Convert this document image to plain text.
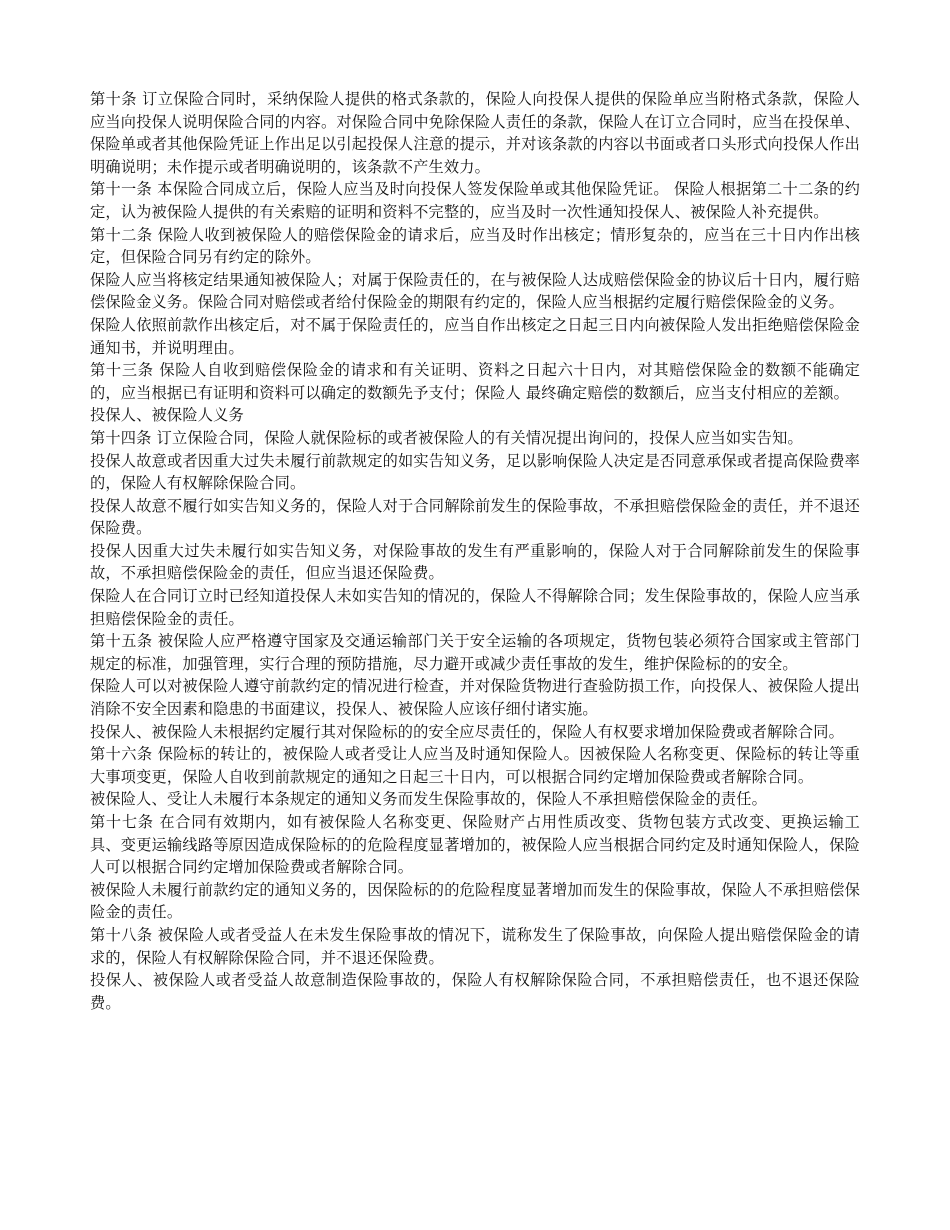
第十条 订立保险合同时，采纳保险人提供的格式条款的，保险人向投保人提供的保险单应当附格式条款，保险人应当向投保人说明保险合同的内容。对保险合同中免除保险人责任的条款，保险人在订立合同时，应当在投保单、保险单或者其他保险凭证上作出足以引起投保人注意的提示，并对该条款的内容以书面或者口头形式向投保人作出明确说明；未作提示或者明确说明的，该条款不产生效力。

第十一条 本保险合同成立后，保险人应当及时向投保人签发保险单或其他保险凭证。 保险人根据第二十二条的约定，认为被保险人提供的有关索赔的证明和资料不完整的，应当及时一次性通知投保人、被保险人补充提供。

第十二条 保险人收到被保险人的赔偿保险金的请求后，应当及时作出核定；情形复杂的，应当在三十日内作出核定，但保险合同另有约定的除外。

保险人应当将核定结果通知被保险人；对属于保险责任的，在与被保险人达成赔偿保险金的协议后十日内，履行赔偿保险金义务。保险合同对赔偿或者给付保险金的期限有约定的，保险人应当根据约定履行赔偿保险金的义务。

保险人依照前款作出核定后，对不属于保险责任的，应当自作出核定之日起三日内向被保险人发出拒绝赔偿保险金通知书，并说明理由。

第十三条 保险人自收到赔偿保险金的请求和有关证明、资料之日起六十日内，对其赔偿保险金的数额不能确定的，应当根据已有证明和资料可以确定的数额先予支付；保险人 最终确定赔偿的数额后，应当支付相应的差额。

投保人、被保险人义务

第十四条 订立保险合同，保险人就保险标的或者被保险人的有关情况提出询问的，投保人应当如实告知。

投保人故意或者因重大过失未履行前款规定的如实告知义务，足以影响保险人决定是否同意承保或者提高保险费率的，保险人有权解除保险合同。

投保人故意不履行如实告知义务的，保险人对于合同解除前发生的保险事故，不承担赔偿保险金的责任，并不退还保险费。

投保人因重大过失未履行如实告知义务，对保险事故的发生有严重影响的，保险人对于合同解除前发生的保险事故，不承担赔偿保险金的责任，但应当退还保险费。

保险人在合同订立时已经知道投保人未如实告知的情况的，保险人不得解除合同；发生保险事故的，保险人应当承担赔偿保险金的责任。

第十五条 被保险人应严格遵守国家及交通运输部门关于安全运输的各项规定，货物包装必须符合国家或主管部门规定的标准，加强管理，实行合理的预防措施，尽力避开或减少责任事故的发生，维护保险标的的安全。

保险人可以对被保险人遵守前款约定的情况进行检查，并对保险货物进行查验防损工作，向投保人、被保险人提出消除不安全因素和隐患的书面建议，投保人、被保险人应该仔细付诸实施。

投保人、被保险人未根据约定履行其对保险标的的安全应尽责任的，保险人有权要求增加保险费或者解除合同。

第十六条 保险标的转让的，被保险人或者受让人应当及时通知保险人。因被保险人名称变更、保险标的转让等重大事项变更，保险人自收到前款规定的通知之日起三十日内，可以根据合同约定增加保险费或者解除合同。

被保险人、受让人未履行本条规定的通知义务而发生保险事故的，保险人不承担赔偿保险金的责任。

第十七条 在合同有效期内，如有被保险人名称变更、保险财产占用性质改变、货物包装方式改变、更换运输工具、变更运输线路等原因造成保险标的的危险程度显著增加的，被保险人应当根据合同约定及时通知保险人，保险人可以根据合同约定增加保险费或者解除合同。

被保险人未履行前款约定的通知义务的，因保险标的的危险程度显著增加而发生的保险事故，保险人不承担赔偿保险金的责任。

第十八条 被保险人或者受益人在未发生保险事故的情况下，谎称发生了保险事故，向保险人提出赔偿保险金的请求的，保险人有权解除保险合同，并不退还保险费。

投保人、被保险人或者受益人故意制造保险事故的，保险人有权解除保险合同，不承担赔偿责任，也不退还保险费。
